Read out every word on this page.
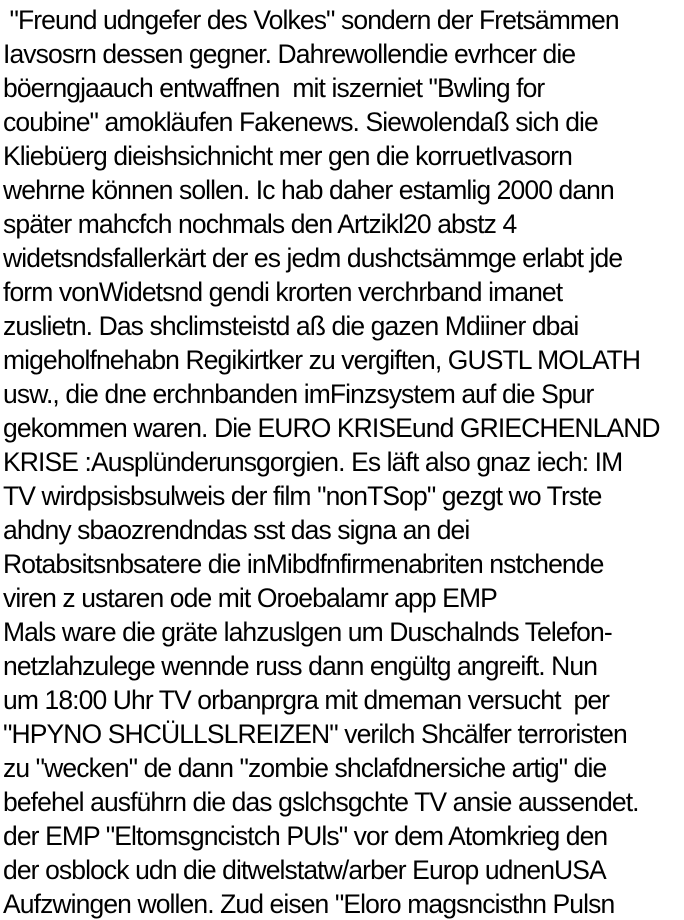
"Freund udngefer des Volkes" sondern der Fretsämmen
Iavsosrn dessen gegner. Dahrewollendie evrhcer die
böerngjaauch entwaffnen  mit iszerniet "Bwling for
coubine" amokläufen Fakenews. Siewolendaß sich die
Kliebüerg dieishsichnicht mer gen die korruetIvasorn
wehrne können sollen. Ic hab daher estamlig 2000 dann
später mahcfch nochmals den Artzikl20 abstz 4
widetsndsfallerkärt der es jedm dushctsämmge erlabt jde
form vonWidetsnd gendi krorten verchrband imanet
zuslietn. Das shclimsteistd aß die gazen Mdiiner dbai
migeholfnehabn Regikirtker zu vergiften, GUSTL MOLATH
usw., die dne erchnbanden imFinzsystem auf die Spur
gekommen waren. Die EURO KRISEund GRIECHENLAND
KRISE :Ausplünderunsgorgien. Es läft also gnaz iech: IM
TV wirdpsisbsulweis der film "nonTSop" gezgt wo Trste
ahdny sbaozrendndas sst das signa an dei
Rotabsitsnbsatere die inMibdfnfirmenabriten nstchende
viren z ustaren ode mit Oroebalamr app EMP
Mals ware die gräte lahzuslgen um Duschalnds Telefon-
netzlahzulege wennde russ dann engültg angreift. Nun
um 18:00 Uhr TV orbanprgra mit dmeman versucht  per
"HPYNO SHCÜLLSLREIZEN" verilch Shcälfer terroristen
zu "wecken" de dann "zombie shclafdnersiche artig" die
befehel ausführn die das gslchsgchte TV ansie aussendet.
der EMP "Eltomsgncistch PUls" vor dem Atomkrieg den
der osblock udn die ditwelstatw/arber Europ udnenUSA
Aufzwingen wollen. Zud eisen "Eloro magsncisthn Pulsn
